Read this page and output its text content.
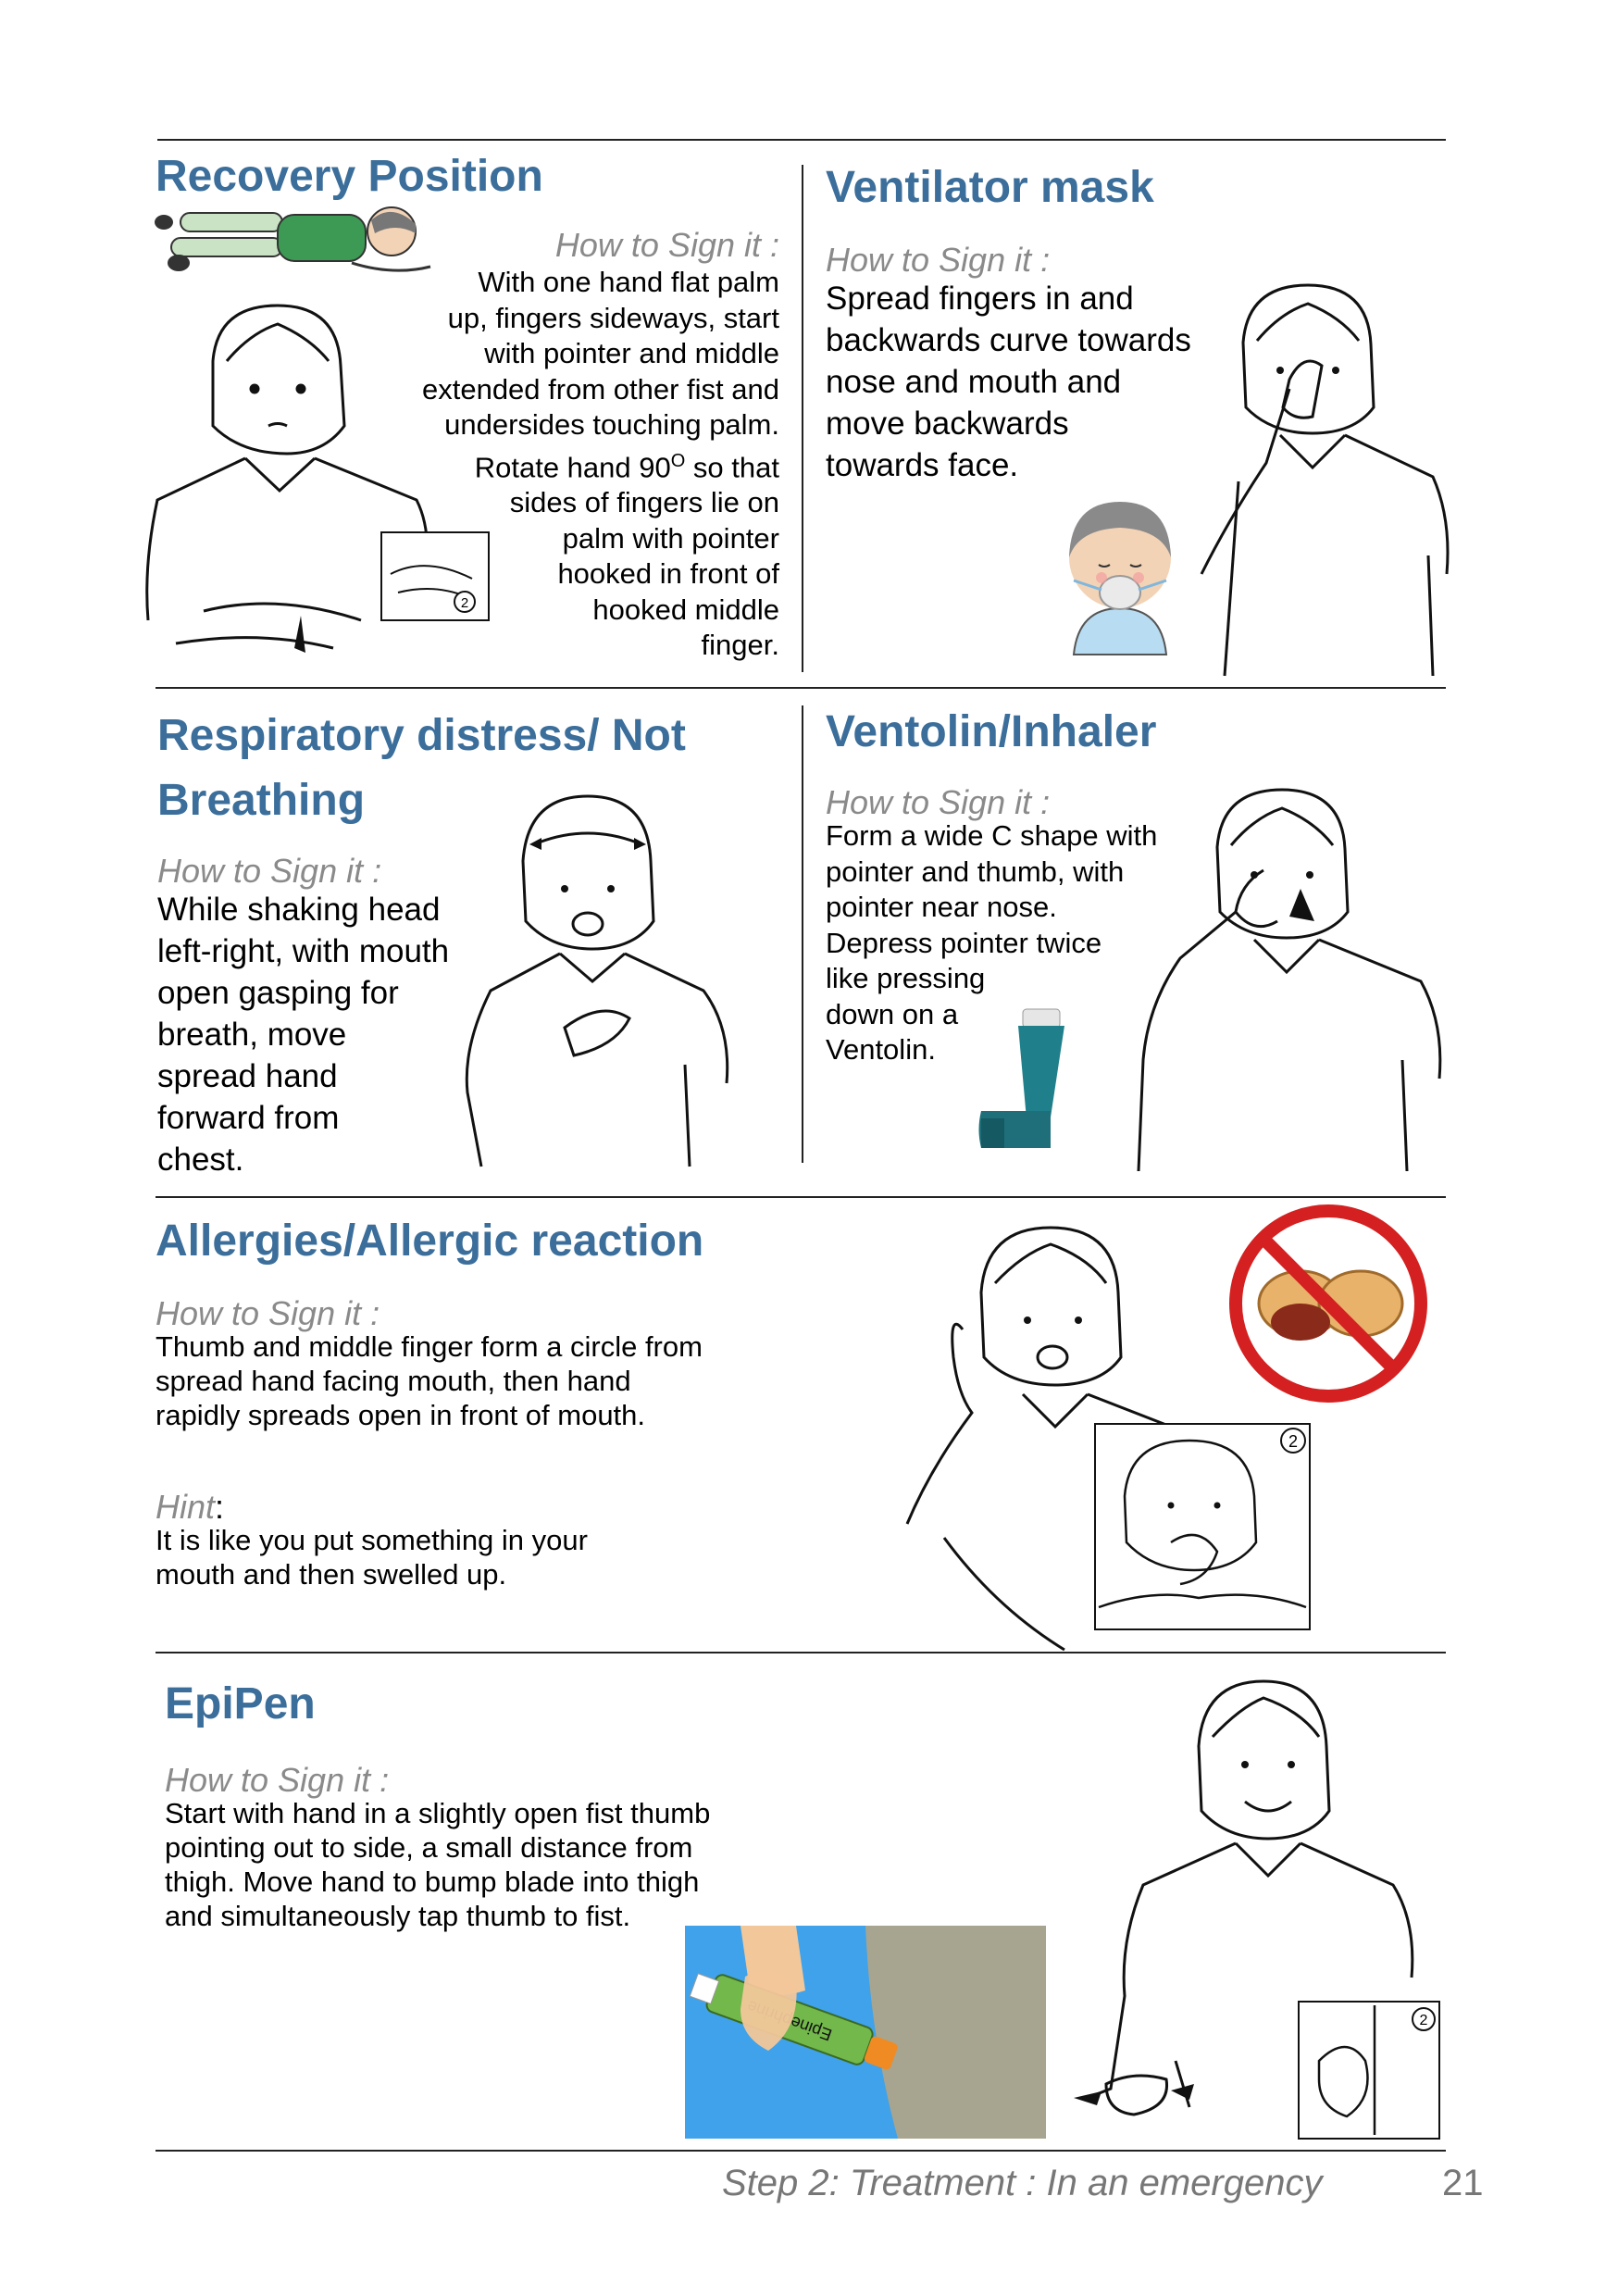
Recovery Position

How to Sign it :

With one hand flat palm
up, fingers sideways, start
with pointer and middle
extended from other fist and
undersides touching palm.
Rotate hand $90^O$ so that
sides of fingers lie on
palm with pointer
hooked in front of
hooked middle
finger.
2
Ventilator mask

How to Sign it :

Spread fingers in and
backwards curve towards
nose and mouth and
move backwards
towards face.
Respiratory distress/ Not
Breathing

How to Sign it :

While shaking head
left-right, with mouth
open gasping for
breath, move
spread hand
forward from
chest.
Ventolin/Inhaler

How to Sign it :

Form a wide C shape with
pointer and thumb, with
pointer near nose.
Depress pointer twice
like pressing
down on a
Ventolin.
Allergies/Allergic reaction

How to Sign it :

Thumb and middle finger form a circle from
spread hand facing mouth, then hand
rapidly spreads open in front of mouth.

Hint:

It is like you put something in your
mouth and then swelled up.
2
EpiPen

How to Sign it :

Start with hand in a slightly open fist thumb
pointing out to side, a small distance from
thigh. Move hand to bump blade into thigh
and simultaneously tap thumb to fist.
2
Step 2: Treatment : In an emergency	21
